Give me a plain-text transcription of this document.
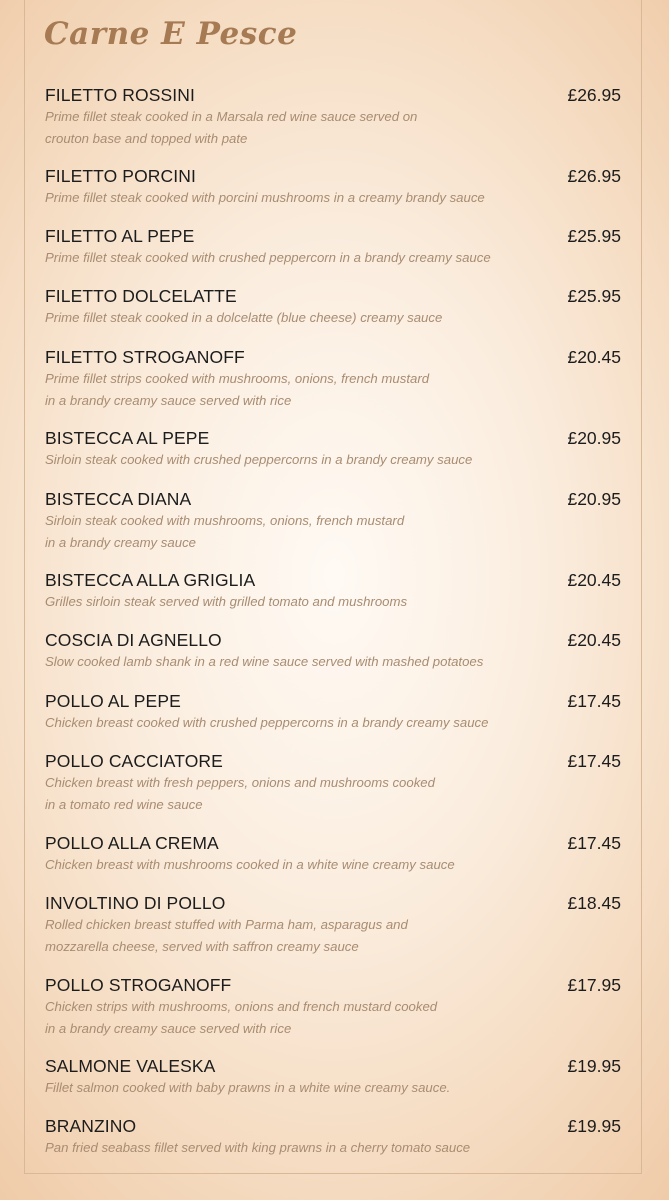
Carne E Pesce
FILETTO ROSSINI	£26.95

Prime fillet steak cooked in a Marsala red wine sauce served on
crouton base and topped with pate

FILETTO PORCINI	£26.95

Prime fillet steak cooked with porcini mushrooms in a creamy brandy sauce

FILETTO AL PEPE	£25.95

Prime fillet steak cooked with crushed peppercorn in a brandy creamy sauce

FILETTO DOLCELATTE	£25.95

Prime fillet steak cooked in a dolcelatte (blue cheese) creamy sauce

FILETTO STROGANOFF	£20.45

Prime fillet strips cooked with mushrooms, onions, french mustard
in a brandy creamy sauce served with rice

BISTECCA AL PEPE	£20.95

Sirloin steak cooked with crushed peppercorns in a brandy creamy sauce

BISTECCA DIANA	£20.95

Sirloin steak cooked with mushrooms, onions, french mustard
in a brandy creamy sauce

BISTECCA ALLA GRIGLIA	£20.45

Grilles sirloin steak served with grilled tomato and mushrooms

COSCIA DI AGNELLO	£20.45

Slow cooked lamb shank in a red wine sauce served with mashed potatoes

POLLO AL PEPE	£17.45

Chicken breast cooked with crushed peppercorns in a brandy creamy sauce

POLLO CACCIATORE	£17.45

Chicken breast with fresh peppers, onions and mushrooms cooked
in a tomato red wine sauce

POLLO ALLA CREMA	£17.45

Chicken breast with mushrooms cooked in a white wine creamy sauce

INVOLTINO DI POLLO	£18.45

Rolled chicken breast stuffed with Parma ham, asparagus and
mozzarella cheese, served with saffron creamy sauce

POLLO STROGANOFF	£17.95

Chicken strips with mushrooms, onions and french mustard cooked
in a brandy creamy sauce served with rice

SALMONE VALESKA	£19.95

Fillet salmon cooked with baby prawns in a white wine creamy sauce.

BRANZINO	£19.95

Pan fried seabass fillet served with king prawns in a cherry tomato sauce
